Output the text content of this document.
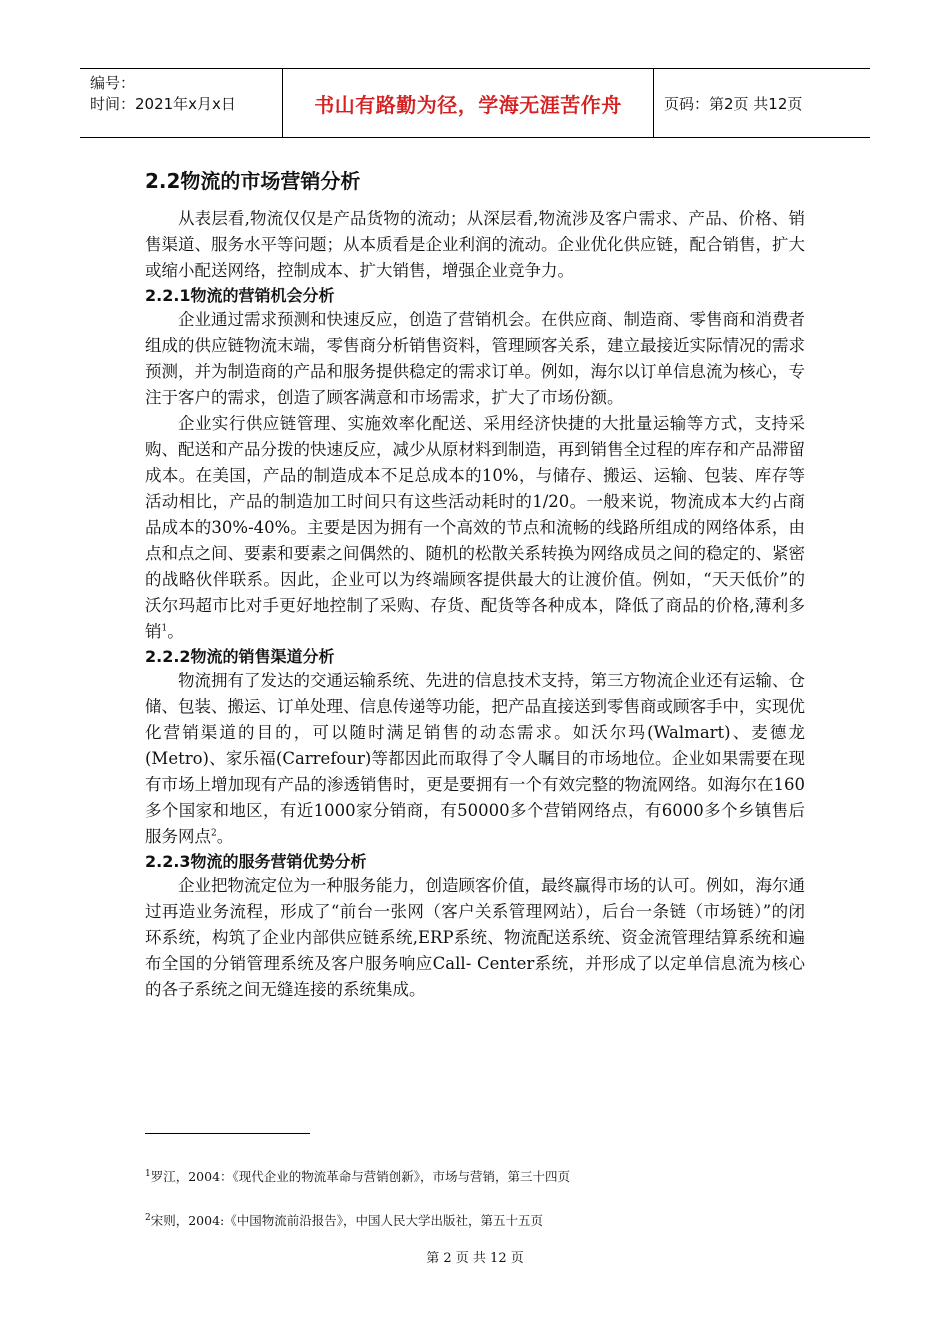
编号：
时间：2021年x月x日	书山有路勤为径，学海无涯苦作舟	页码：第2页 共12页
2.2物流的市场营销分析

从表层看,物流仅仅是产品货物的流动；从深层看,物流涉及客户需求、产品、价格、销售渠道、服务水平等问题；从本质看是企业利润的流动。企业优化供应链，配合销售，扩大或缩小配送网络，控制成本、扩大销售，增强企业竞争力。

2.2.1物流的营销机会分析

企业通过需求预测和快速反应，创造了营销机会。在供应商、制造商、零售商和消费者组成的供应链物流末端，零售商分析销售资料，管理顾客关系，建立最接近实际情况的需求预测，并为制造商的产品和服务提供稳定的需求订单。例如，海尔以订单信息流为核心，专注于客户的需求，创造了顾客满意和市场需求，扩大了市场份额。

企业实行供应链管理、实施效率化配送、采用经济快捷的大批量运输等方式，支持采购、配送和产品分拨的快速反应，减少从原材料到制造，再到销售全过程的库存和产品滞留成本。在美国，产品的制造成本不足总成本的10%，与储存、搬运、运输、包装、库存等活动相比，产品的制造加工时间只有这些活动耗时的1/20。一般来说，物流成本大约占商品成本的30%-40%。主要是因为拥有一个高效的节点和流畅的线路所组成的网络体系，由点和点之间、要素和要素之间偶然的、随机的松散关系转换为网络成员之间的稳定的、紧密的战略伙伴联系。因此，企业可以为终端顾客提供最大的让渡价值。例如，“天天低价”的沃尔玛超市比对手更好地控制了采购、存货、配货等各种成本，降低了商品的价格,薄利多销$^1$。

2.2.2物流的销售渠道分析

物流拥有了发达的交通运输系统、先进的信息技术支持，第三方物流企业还有运输、仓储、包装、搬运、订单处理、信息传递等功能，把产品直接送到零售商或顾客手中，实现优化营销渠道的目的，可以随时满足销售的动态需求。如沃尔玛(Walmart)、麦德龙(Metro)、家乐福(Carrefour)等都因此而取得了令人瞩目的市场地位。企业如果需要在现有市场上增加现有产品的渗透销售时，更是要拥有一个有效完整的物流网络。如海尔在160多个国家和地区，有近1000家分销商，有50000多个营销网络点，有6000多个乡镇售后服务网点$^2$。

2.2.3物流的服务营销优势分析

企业把物流定位为一种服务能力，创造顾客价值，最终赢得市场的认可。例如，海尔通过再造业务流程，形成了“前台一张网（客户关系管理网站），后台一条链（市场链）”的闭环系统，构筑了企业内部供应链系统,ERP系统、物流配送系统、资金流管理结算系统和遍布全国的分销管理系统及客户服务响应Call- Center系统，并形成了以定单信息流为核心的各子系统之间无缝连接的系统集成。

$^1$罗江，2004：《现代企业的物流革命与营销创新》，市场与营销，第三十四页
$^2$宋则，2004:《中国物流前沿报告》，中国人民大学出版社，第五十五页
第 2 页 共 12 页
